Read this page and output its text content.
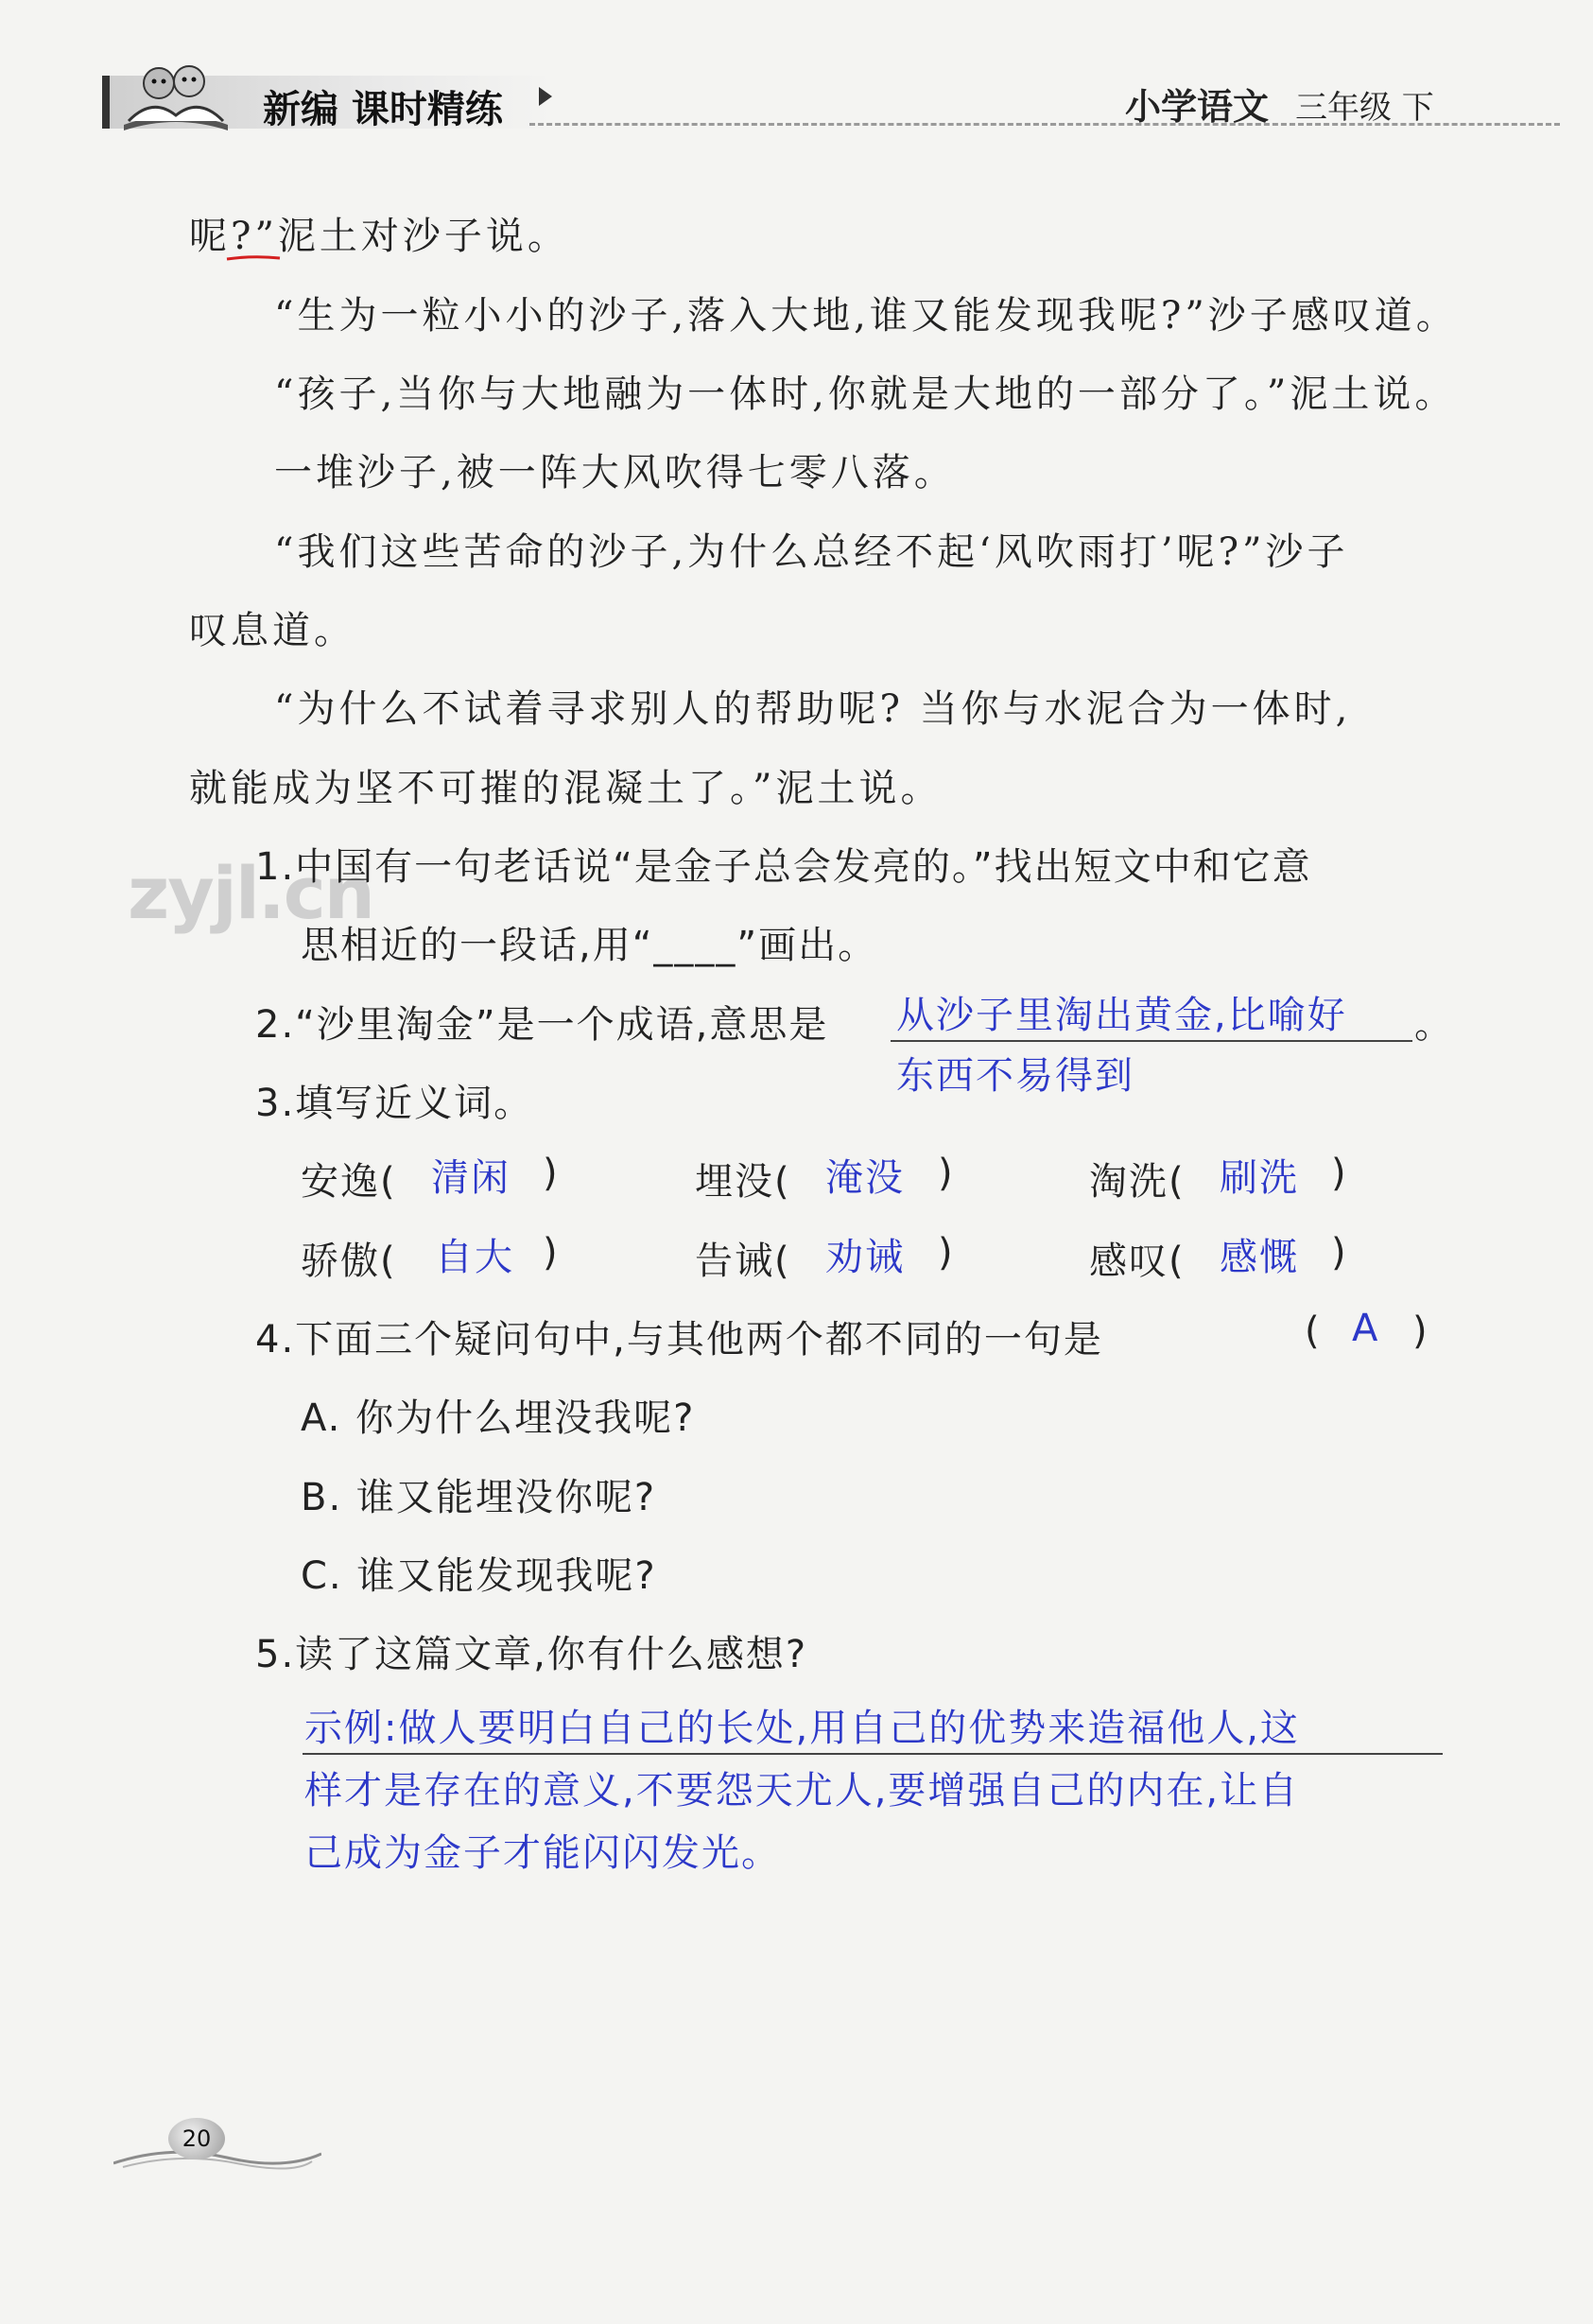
新编 课时精练	小学语文 三年级 下
zyjl.cn
呢?”泥土对沙子说。
“生为一粒小小的沙子,落入大地,谁又能发现我呢?”沙子感叹道。
“孩子,当你与大地融为一体时,你就是大地的一部分了。”泥土说。
一堆沙子,被一阵大风吹得七零八落。
“我们这些苦命的沙子,为什么总经不起‘风吹雨打’呢?”沙子
叹息道。
“为什么不试着寻求别人的帮助呢? 当你与水泥合为一体时,
就能成为坚不可摧的混凝土了。”泥土说。
1.中国有一句老话说“是金子总会发亮的。”找出短文中和它意
思相近的一段话,用“____”画出。
2.“沙里淘金”是一个成语,意思是 从沙子里淘出黄金,比喻好 。
东西不易得到
3.填写近义词。
安逸( 清闲 )	埋没( 淹没 )	淘洗( 刷洗 )
骄傲( 自大 )	告诫( 劝诫 )	感叹( 感慨 )
4.下面三个疑问句中,与其他两个都不同的一句是	( A )
A. 你为什么埋没我呢?
B. 谁又能埋没你呢?
C. 谁又能发现我呢?
5.读了这篇文章,你有什么感想?
示例:做人要明白自己的长处,用自己的优势来造福他人,这
样才是存在的意义,不要怨天尤人,要增强自己的内在,让自
己成为金子才能闪闪发光。
20
